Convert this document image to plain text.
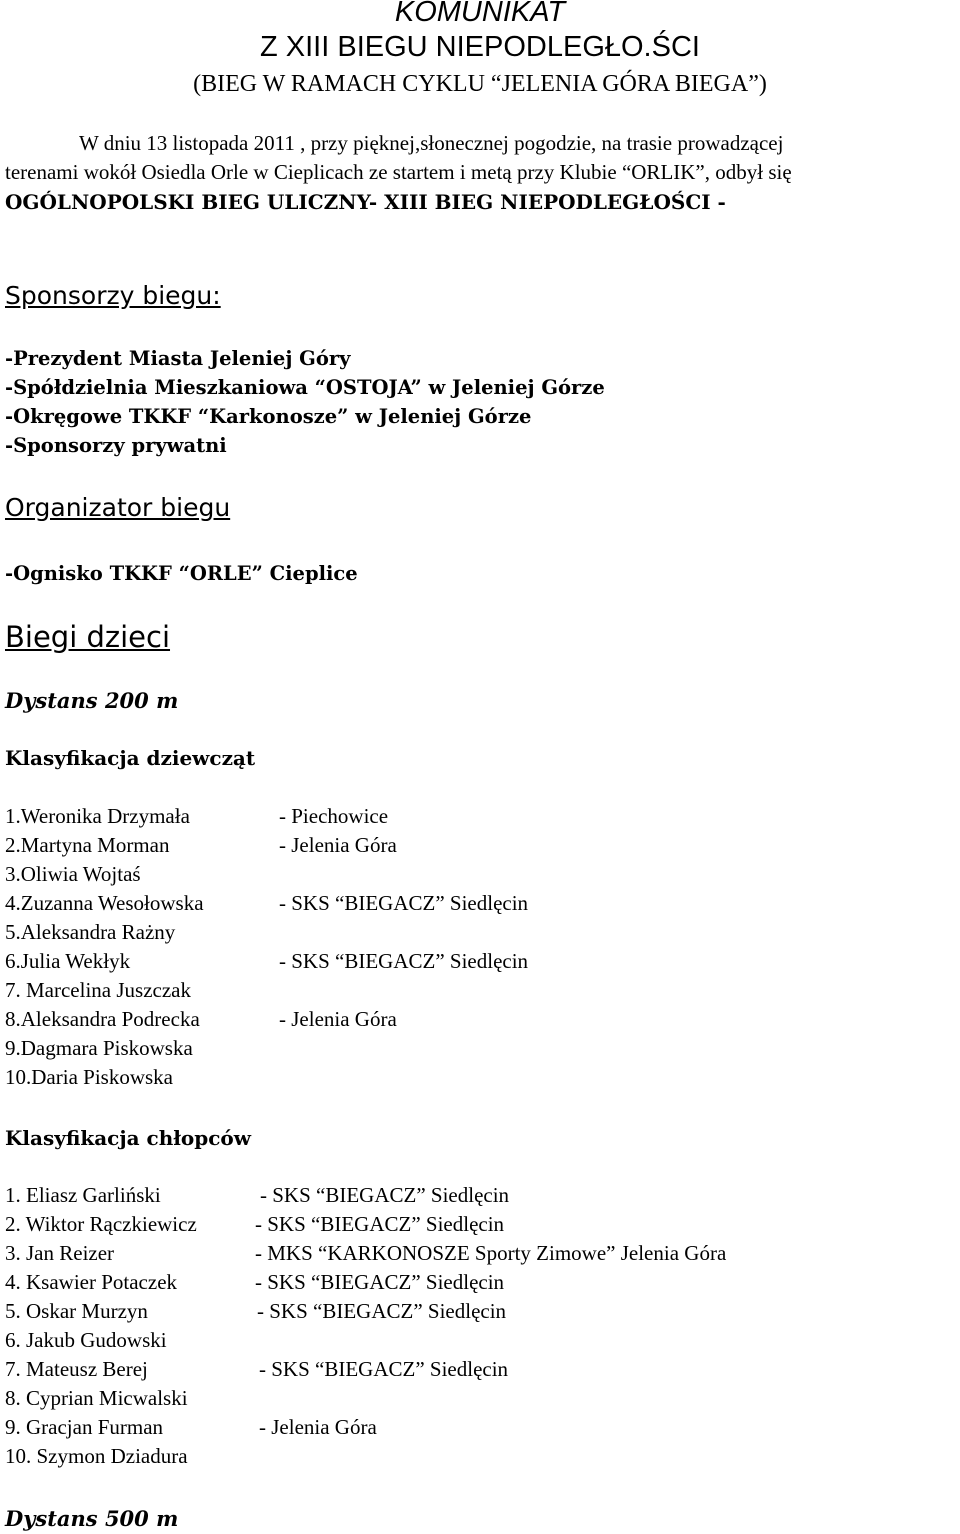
KOMUNIKAT

Z XIII BIEGU NIEPODLEGŁO.ŚCI

(BIEG W RAMACH CYKLU “JELENIA GÓRA BIEGA”)

W dniu 13 listopada 2011 , przy pięknej,słonecznej pogodzie, na trasie prowadzącej

terenami wokół Osiedla Orle w Cieplicach ze startem i metą przy Klubie “ORLIK”, odbył się

OGÓLNOPOLSKI BIEG ULICZNY- XIII BIEG NIEPODLEGŁOŚCI -

Sponsorzy biegu:

-Prezydent Miasta Jeleniej Góry

-Spółdzielnia Mieszkaniowa “OSTOJA” w Jeleniej Górze

-Okręgowe TKKF “Karkonosze” w Jeleniej Górze

-Sponsorzy prywatni

Organizator biegu

-Ognisko TKKF “ORLE” Cieplice

Biegi dzieci

Dystans 200 m

Klasyfikacja dziewcząt

1.Weronika Drzymała	- Piechowice
2.Martyna Morman	- Jelenia Góra
3.Oliwia Wojtaś
4.Zuzanna Wesołowska	- SKS “BIEGACZ” Siedlęcin
5.Aleksandra Rażny
6.Julia Wekłyk	- SKS “BIEGACZ” Siedlęcin
7. Marcelina Juszczak
8.Aleksandra Podrecka	- Jelenia Góra
9.Dagmara Piskowska
10.Daria Piskowska

Klasyfikacja chłopców

1. Eliasz Garliński	- SKS “BIEGACZ” Siedlęcin
2. Wiktor Rączkiewicz	- SKS “BIEGACZ” Siedlęcin
3. Jan Reizer	- MKS “KARKONOSZE Sporty Zimowe” Jelenia Góra
4. Ksawier Potaczek	- SKS “BIEGACZ” Siedlęcin
5. Oskar Murzyn	- SKS “BIEGACZ” Siedlęcin
6. Jakub Gudowski
7. Mateusz Berej	- SKS “BIEGACZ” Siedlęcin
8. Cyprian Micwalski
9. Gracjan Furman	- Jelenia Góra
10. Szymon Dziadura

Dystans 500 m
